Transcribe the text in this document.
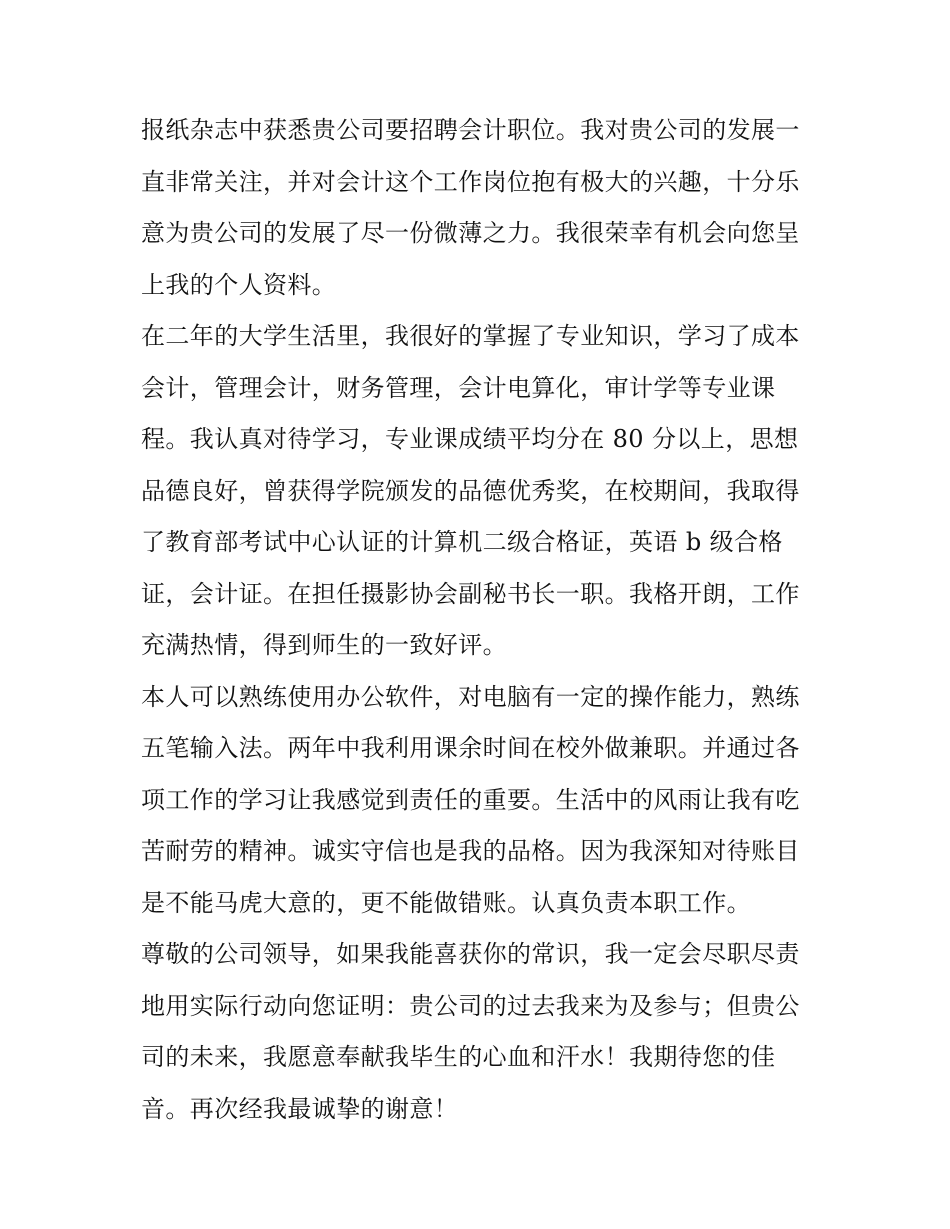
报纸杂志中获悉贵公司要招聘会计职位。我对贵公司的发展一
直非常关注，并对会计这个工作岗位抱有极大的兴趣，十分乐
意为贵公司的发展了尽一份微薄之力。我很荣幸有机会向您呈
上我的个人资料。
在二年的大学生活里，我很好的掌握了专业知识，学习了成本
会计，管理会计，财务管理，会计电算化，审计学等专业课
程。我认真对待学习，专业课成绩平均分在 80 分以上，思想
品德良好，曾获得学院颁发的品德优秀奖，在校期间，我取得
了教育部考试中心认证的计算机二级合格证，英语 b 级合格
证，会计证。在担任摄影协会副秘书长一职。我格开朗，工作
充满热情，得到师生的一致好评。
本人可以熟练使用办公软件，对电脑有一定的操作能力，熟练
五笔输入法。两年中我利用课余时间在校外做兼职。并通过各
项工作的学习让我感觉到责任的重要。生活中的风雨让我有吃
苦耐劳的精神。诚实守信也是我的品格。因为我深知对待账目
是不能马虎大意的，更不能做错账。认真负责本职工作。
尊敬的公司领导，如果我能喜获你的常识，我一定会尽职尽责
地用实际行动向您证明：贵公司的过去我来为及参与；但贵公
司的未来，我愿意奉献我毕生的心血和汗水！我期待您的佳
音。再次经我最诚挚的谢意！
